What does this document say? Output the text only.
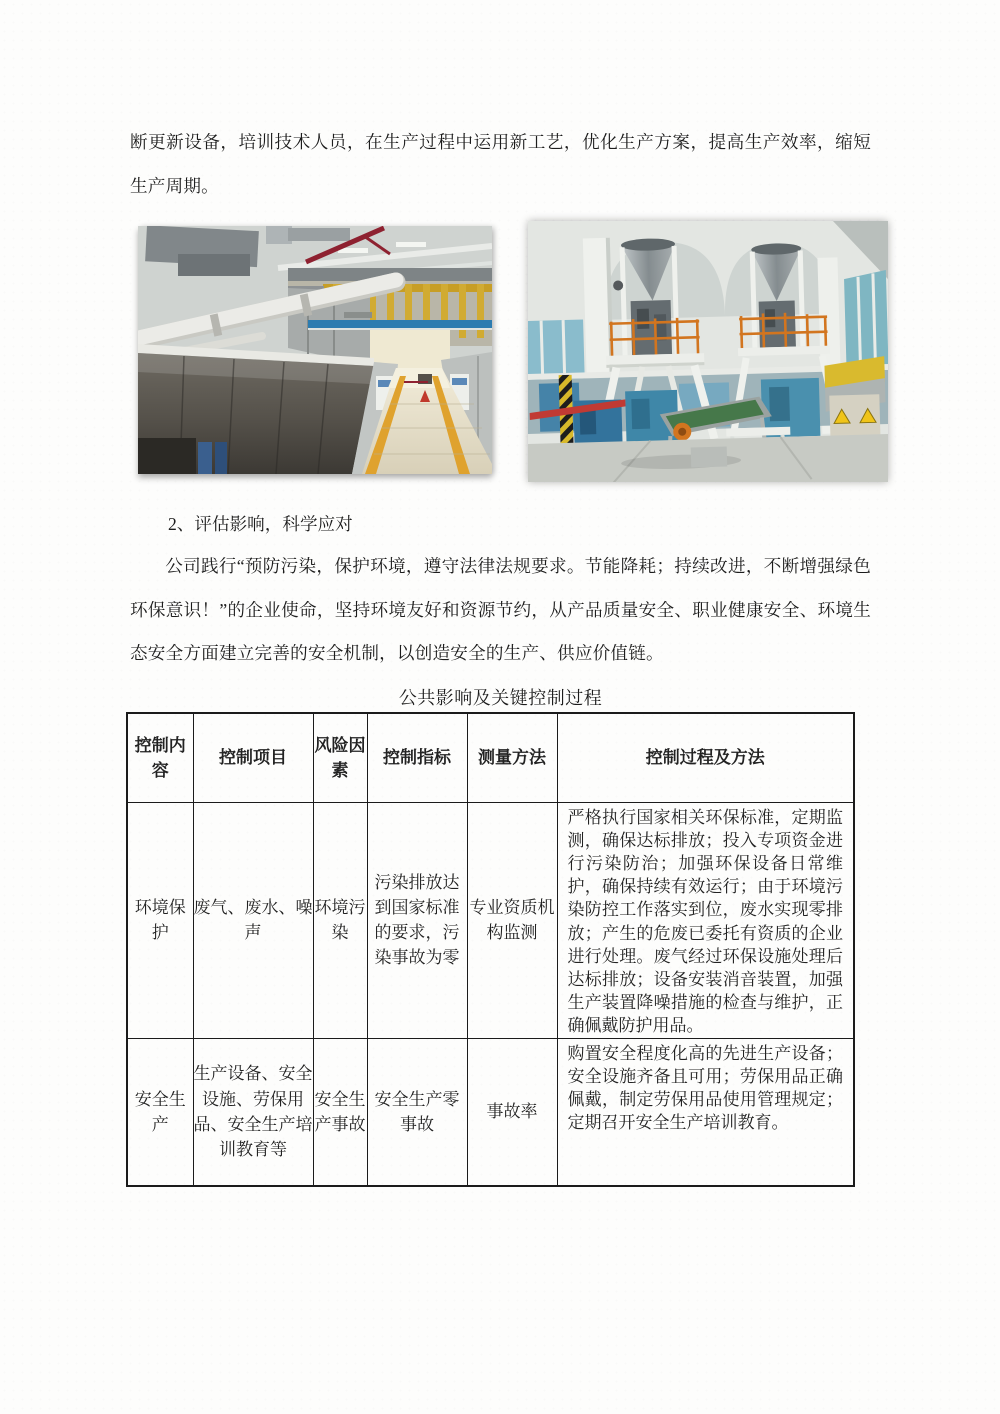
断更新设备，培训技术人员，在生产过程中运用新工艺，优化生产方案，提高生产效率，缩短生产周期。
2、评估影响，科学应对
公司践行“预防污染，保护环境，遵守法律法规要求。节能降耗；持续改进，不断增强绿色环保意识！”的企业使命，坚持环境友好和资源节约，从产品质量安全、职业健康安全、环境生态安全方面建立完善的安全机制，以创造安全的生产、供应价值链。
公共影响及关键控制过程
控制内容	控制项目	风险因素	控制指标	测量方法	控制过程及方法
环境保护	废气、废水、噪声	环境污染	污染排放达到国家标准的要求，污染事故为零	专业资质机构监测	严格执行国家相关环保标准，定期监测，确保达标排放；投入专项资金进行污染防治；加强环保设备日常维护，确保持续有效运行；由于环境污染防控工作落实到位，废水实现零排放；产生的危废已委托有资质的企业进行处理。废气经过环保设施处理后达标排放；设备安装消音装置，加强生产装置降噪措施的检查与维护，正确佩戴防护用品。
安全生产	生产设备、安全设施、劳保用品、安全生产培训教育等	安全生产事故	安全生产零事故	事故率	购置安全程度化高的先进生产设备；安全设施齐备且可用；劳保用品正确佩戴，制定劳保用品使用管理规定；定期召开安全生产培训教育。
